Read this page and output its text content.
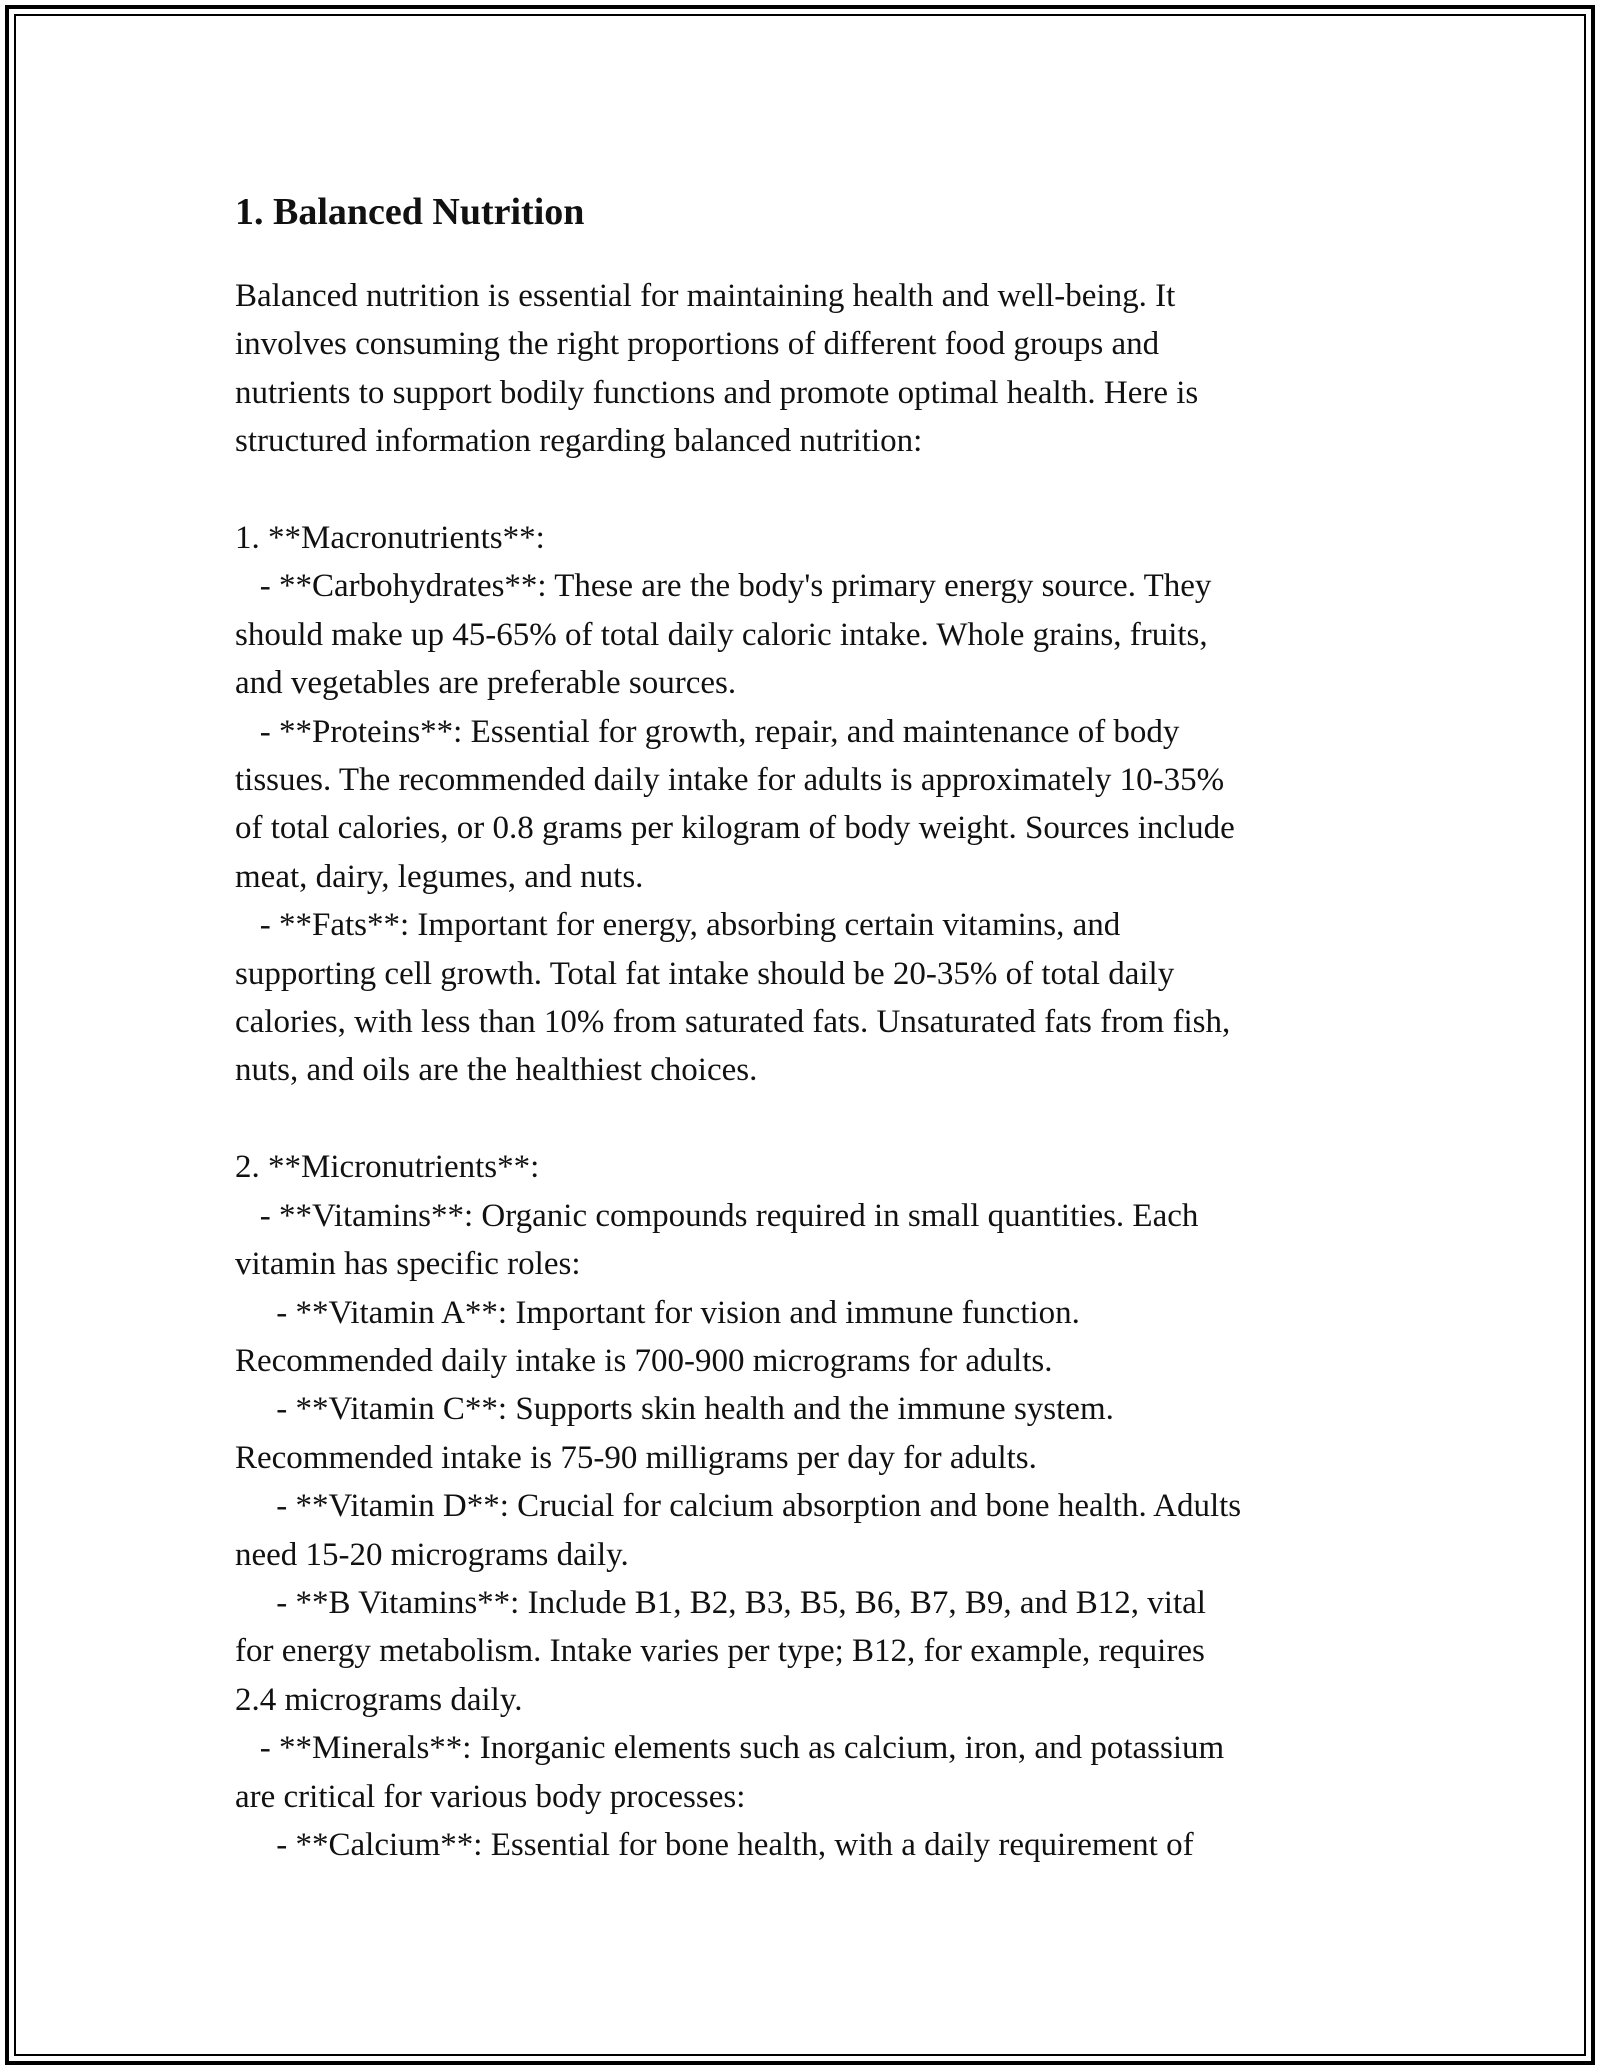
1. Balanced Nutrition
Balanced nutrition is essential for maintaining health and well-being. It
involves consuming the right proportions of different food groups and
nutrients to support bodily functions and promote optimal health. Here is
structured information regarding balanced nutrition:
1. **Macronutrients**:
- **Carbohydrates**: These are the body's primary energy source. They
should make up 45-65% of total daily caloric intake. Whole grains, fruits,
and vegetables are preferable sources.
- **Proteins**: Essential for growth, repair, and maintenance of body
tissues. The recommended daily intake for adults is approximately 10-35%
of total calories, or 0.8 grams per kilogram of body weight. Sources include
meat, dairy, legumes, and nuts.
- **Fats**: Important for energy, absorbing certain vitamins, and
supporting cell growth. Total fat intake should be 20-35% of total daily
calories, with less than 10% from saturated fats. Unsaturated fats from fish,
nuts, and oils are the healthiest choices.
2. **Micronutrients**:
- **Vitamins**: Organic compounds required in small quantities. Each
vitamin has specific roles:
- **Vitamin A**: Important for vision and immune function.
Recommended daily intake is 700-900 micrograms for adults.
- **Vitamin C**: Supports skin health and the immune system.
Recommended intake is 75-90 milligrams per day for adults.
- **Vitamin D**: Crucial for calcium absorption and bone health. Adults
need 15-20 micrograms daily.
- **B Vitamins**: Include B1, B2, B3, B5, B6, B7, B9, and B12, vital
for energy metabolism. Intake varies per type; B12, for example, requires
2.4 micrograms daily.
- **Minerals**: Inorganic elements such as calcium, iron, and potassium
are critical for various body processes:
- **Calcium**: Essential for bone health, with a daily requirement of
